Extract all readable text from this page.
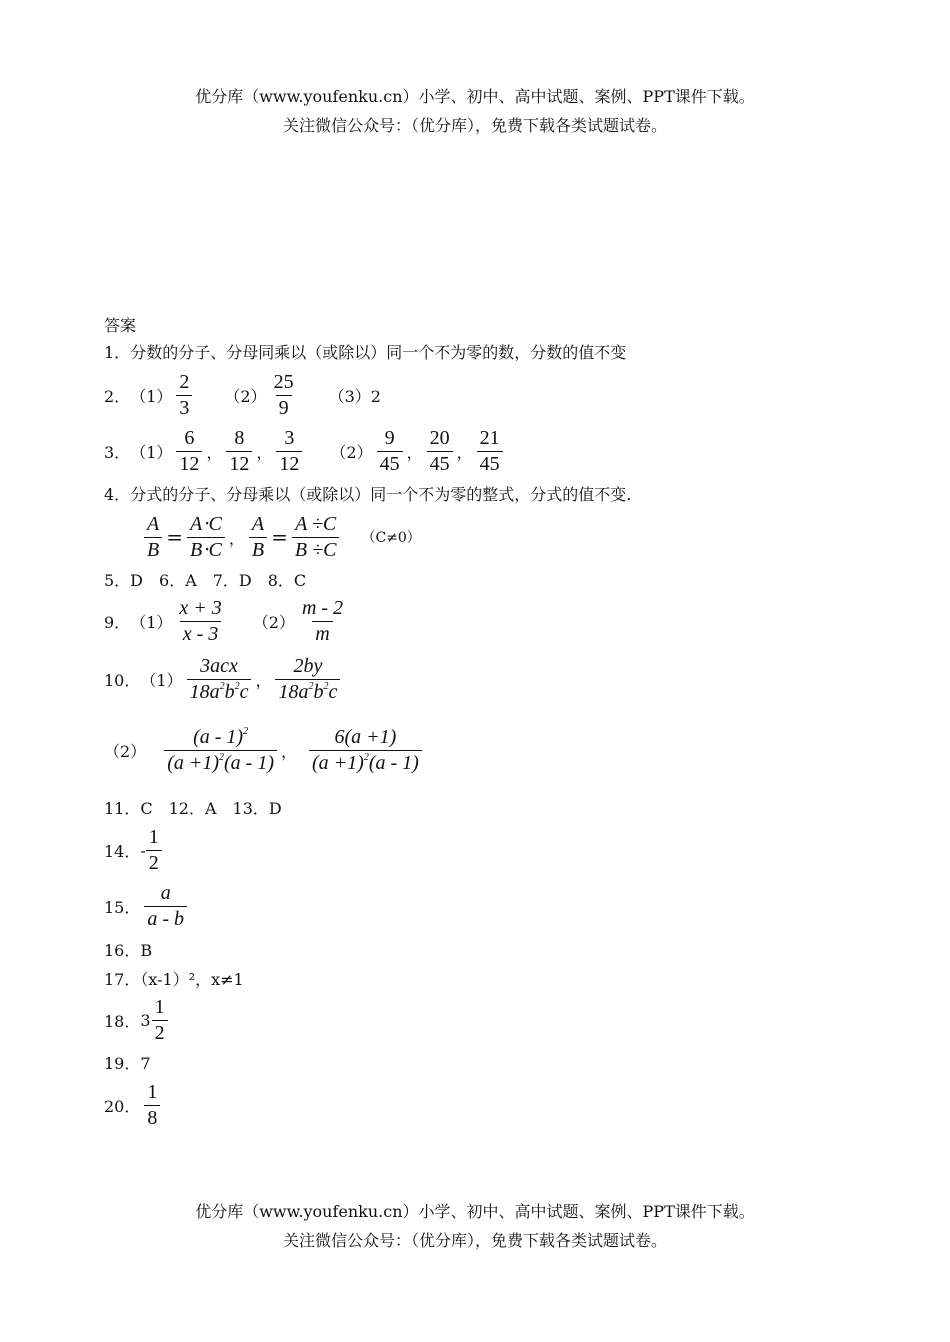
优分库（www.youfenku.cn）小学、初中、高中试题、案例、PPT课件下载。
关注微信公众号：（优分库），免费下载各类试题试卷。
答案
1． 分数的分子、分母同乘以（或除以）同一个不为零的数，分数的值不变
2． $(1) \frac{2}{3} (2) \frac{25}{9} (3)2$
3． $(1) \frac{6}{12}$ ， $\frac{8}{12}$ ， $\frac{3}{12} (2) \frac{9}{45}$ ， $\frac{20}{45}$ ， $\frac{21}{45}$
4． 分式的分子、分母乘以（或除以）同一个不为零的整式，分式的值不变.
$\frac{A}{B} = \frac{A\cdot C}{B\cdot C}$ ， $\frac{A}{B} = \frac{A \div C}{B \div C} (C\ne 0)$
5．D　6．A　7．D　8．C
9． $(1) \frac{x + 3}{x - 3} (2) \frac{m - 2}{m}$
10． $(1) \frac{\text{3acx}}{18a^2b^2c}$ ， $\frac{2by}{18a^2b^2c}$
$(2) \frac{(a - 1)^2}{(a +1)^2(a - 1)}$ ， $\frac{6(a +1)}{(a +1)^2(a - 1)}$
11．C　12．A　13．D
14． - $\frac{1}{2}$
15． $\frac{a}{a - b}$
16．B
17．（x-1）²，x≠1
18． $3 \frac{1}{2}$
19．7
20． $\frac{1}{8}$
优分库（www.youfenku.cn）小学、初中、高中试题、案例、PPT课件下载。
关注微信公众号：（优分库），免费下载各类试题试卷。
